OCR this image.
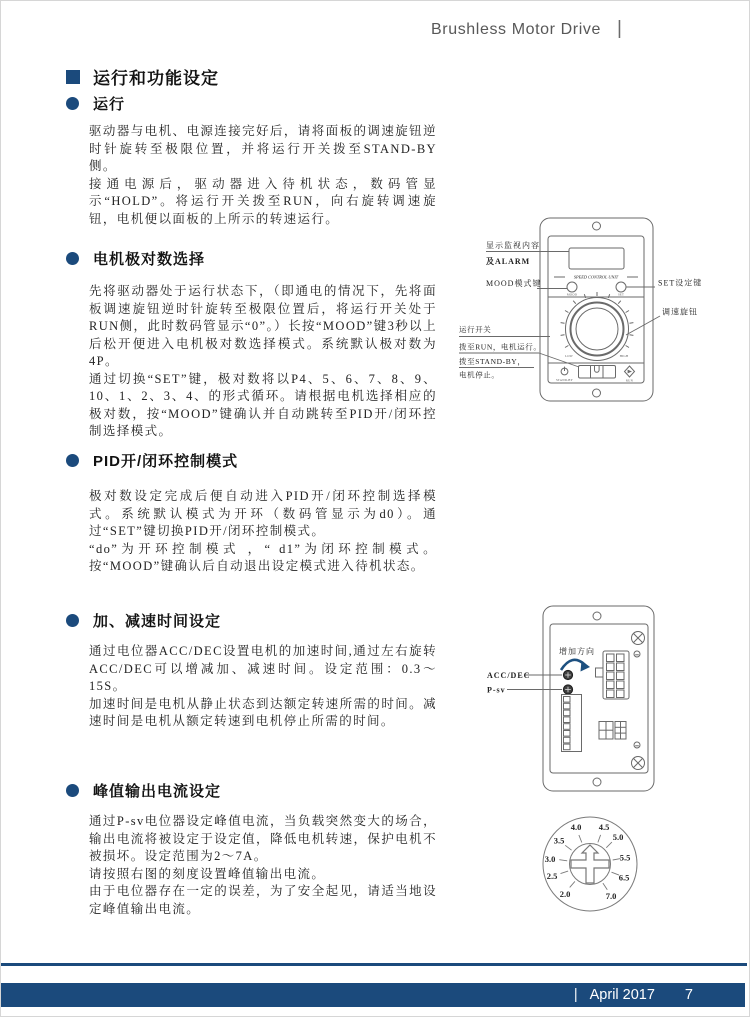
Brushless Motor Drive |
运行和功能设定
运行

驱动器与电机、电源连接完好后，请将面板的调速旋钮逆时针旋转至极限位置，并将运行开关拨至STAND-BY侧。

接通电源后，驱动器进入待机状态，数码管显示“HOLD”。将运行开关拨至RUN，向右旋转调速旋钮，电机便以面板的上所示的转速运行。

电机极对数选择

先将驱动器处于运行状态下，（即通电的情况下，先将面板调速旋钮逆时针旋转至极限位置后，将运行开关处于RUN侧，此时数码管显示“0”。）长按“MOOD”键3秒以上后松开便进入电机极对数选择模式。系统默认极对数为4P。

通过切换“SET”键，极对数将以P4、5、6、7、8、9、10、1、2、3、4、的形式循环。请根据电机选择相应的极对数，按“MOOD”键确认并自动跳转至PID开/闭环控制选择模式。

PID开/闭环控制模式

极对数设定完成后便自动进入PID开/闭环控制选择模式。系统默认模式为开环（数码管显示为d0）。通过“SET”键切换PID开/闭环控制模式。

“do”为开环控制模式 ，“ d1”为闭环控制模式。按“MOOD”键确认后自动退出设定模式进入待机状态。

加、减速时间设定

通过电位器ACC/DEC设置电机的加速时间,通过左右旋转ACC/DEC可以增减加、减速时间。设定范围：0.3～15S。

加速时间是电机从静止状态到达额定转速所需的时间。减速时间是电机从额定转速到电机停止所需的时间。

峰值输出电流设定

通过P-sv电位器设定峰值电流，当负载突然变大的场合，输出电流将被设定于设定值，降低电机转速，保护电机不被损坏。设定范围为2～7A。

请按照右图的刻度设置峰值输出电流。

由于电位器存在一定的误差，为了安全起见，请适当地设定峰值输出电流。

SPEED CONTROL UNIT
MOOD	SET
LOW	HIGH
STAND-BY	RUN
显示监视内容
及ALARM
MOOD模式键	SET设定键
调速旋钮
运行开关
拨至RUN，电机运行。
拨至STAND-BY，
电机停止。
增加方向
ACC/DEC
P-sv
2.0
2.5
3.0
3.5
4.0 4.5
5.0
5.5
6.5
7.0
| April 2017 7
